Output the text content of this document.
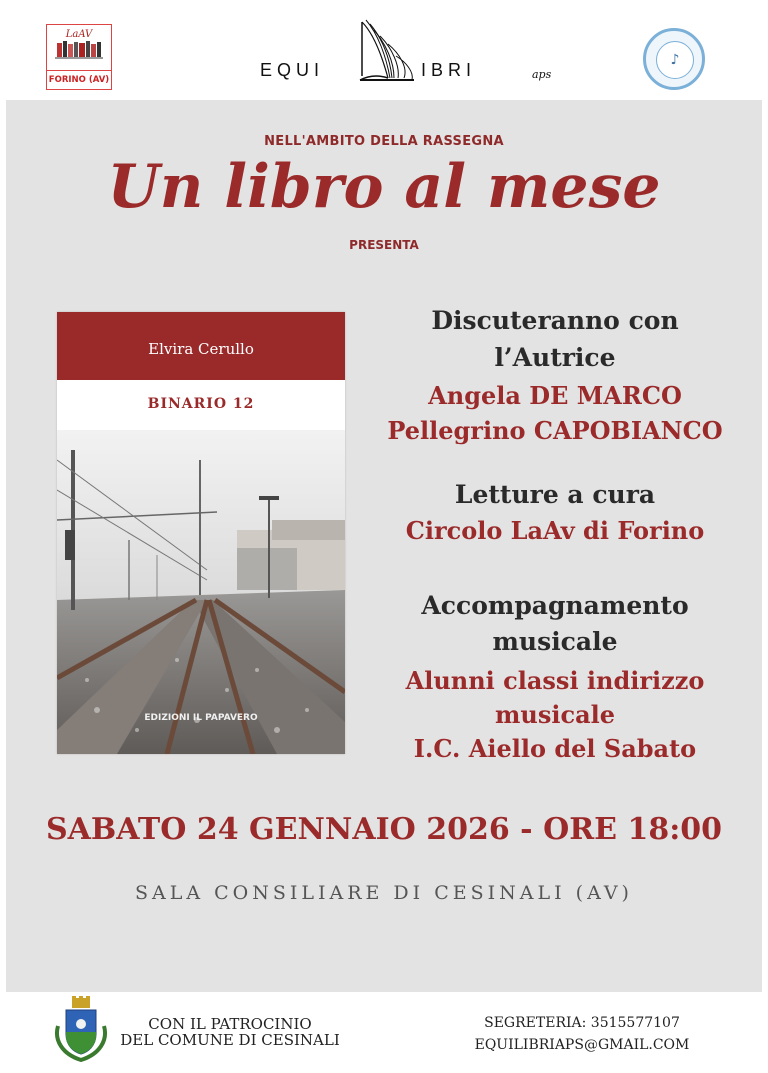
LaAV
FORINO (AV)	EQUI	IBRI	aps
♪
NELL'AMBITO DELLA RASSEGNA
Un libro al mese
PRESENTA
Elvira Cerullo
BINARIO 12
EDIZIONI IL PAPAVERO
Discuteranno con
l’Autrice
Angela DE MARCO
Pellegrino CAPOBIANCO
Letture a cura
Circolo LaAv di Forino
Accompagnamento
musicale
Alunni classi indirizzo
musicale
I.C. Aiello del Sabato
SABATO 24 GENNAIO 2026 - ORE 18:00
SALA CONSILIARE DI CESINALI (AV)
CON IL PATROCINIO
DEL COMUNE DI CESINALI
SEGRETERIA: 3515577107
EQUILIBRIAPS@GMAIL.COM
